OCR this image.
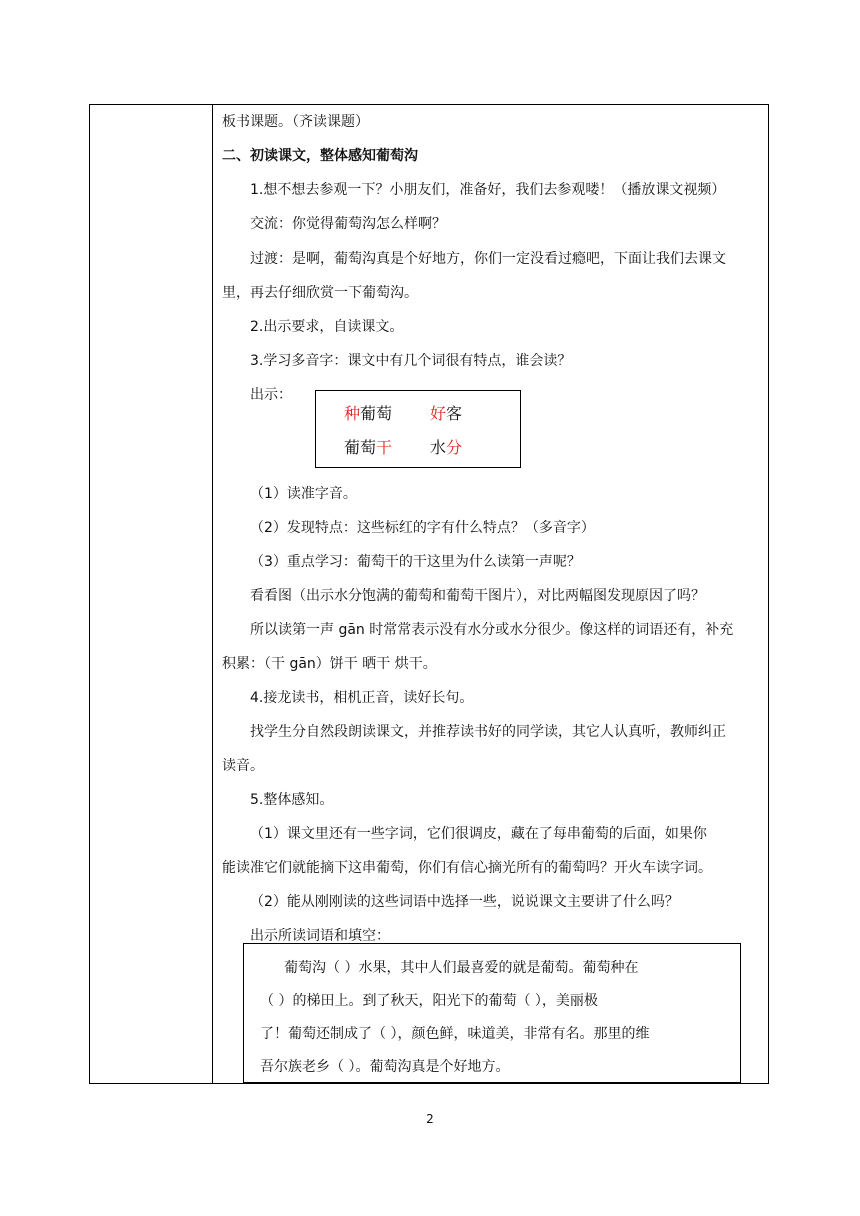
板书课题。（齐读课题）
二、初读课文，整体感知葡萄沟
1.想不想去参观一下？小朋友们，准备好，我们去参观喽！（播放课文视频）
交流：你觉得葡萄沟怎么样啊？
过渡：是啊，葡萄沟真是个好地方，你们一定没看过瘾吧，下面让我们去课文
里，再去仔细欣赏一下葡萄沟。
2.出示要求，自读课文。
3.学习多音字：课文中有几个词很有特点，谁会读？
出示：
种葡萄 好客
葡萄干 水分
（1）读准字音。
（2）发现特点：这些标红的字有什么特点？（多音字）
（3）重点学习：葡萄干的干这里为什么读第一声呢？
看看图（出示水分饱满的葡萄和葡萄干图片），对比两幅图发现原因了吗？
所以读第一声 gān 时常常表示没有水分或水分很少。像这样的词语还有，补充
积累：（干 gān）饼干 晒干 烘干。
4.接龙读书，相机正音，读好长句。
找学生分自然段朗读课文，并推荐读书好的同学读，其它人认真听，教师纠正
读音。
5.整体感知。
（1）课文里还有一些字词，它们很调皮，藏在了每串葡萄的后面，如果你
能读准它们就能摘下这串葡萄，你们有信心摘光所有的葡萄吗？开火车读字词。
（2）能从刚刚读的这些词语中选择一些，说说课文主要讲了什么吗？
出示所读词语和填空：
葡萄沟（ ）水果，其中人们最喜爱的就是葡萄。葡萄种在
（ ）的梯田上。到了秋天，阳光下的葡萄（ ），美丽极
了！葡萄还制成了（ ），颜色鲜，味道美，非常有名。那里的维
吾尔族老乡（ ）。葡萄沟真是个好地方。
2
